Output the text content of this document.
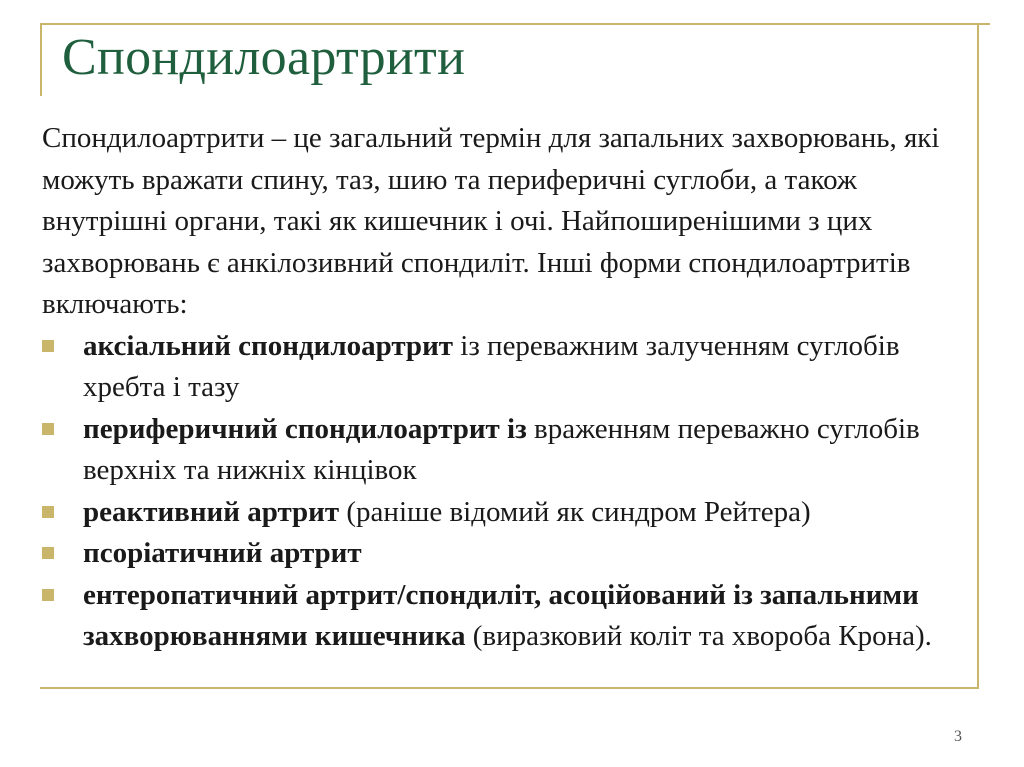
Спондилоартрити

Спондилоартрити – це загальний термін для запальних захворювань, які можуть вражати спину, таз, шию та периферичні суглоби, а також внутрішні органи, такі як кишечник і очі. Найпоширенішими з цих захворювань є анкілозивний спондиліт. Інші форми спондилоартритів включають:

аксіальний спондилоартрит із переважним залученням суглобів хребта і тазу
периферичний спондилоартрит із враженням переважно суглобів верхніх та нижніх кінцівок
реактивний артрит (раніше відомий як синдром Рейтера)
псоріатичний артрит
ентеропатичний артрит/спондиліт, асоційований із запальними захворюваннями кишечника (виразковий коліт та хвороба Крона).
3
